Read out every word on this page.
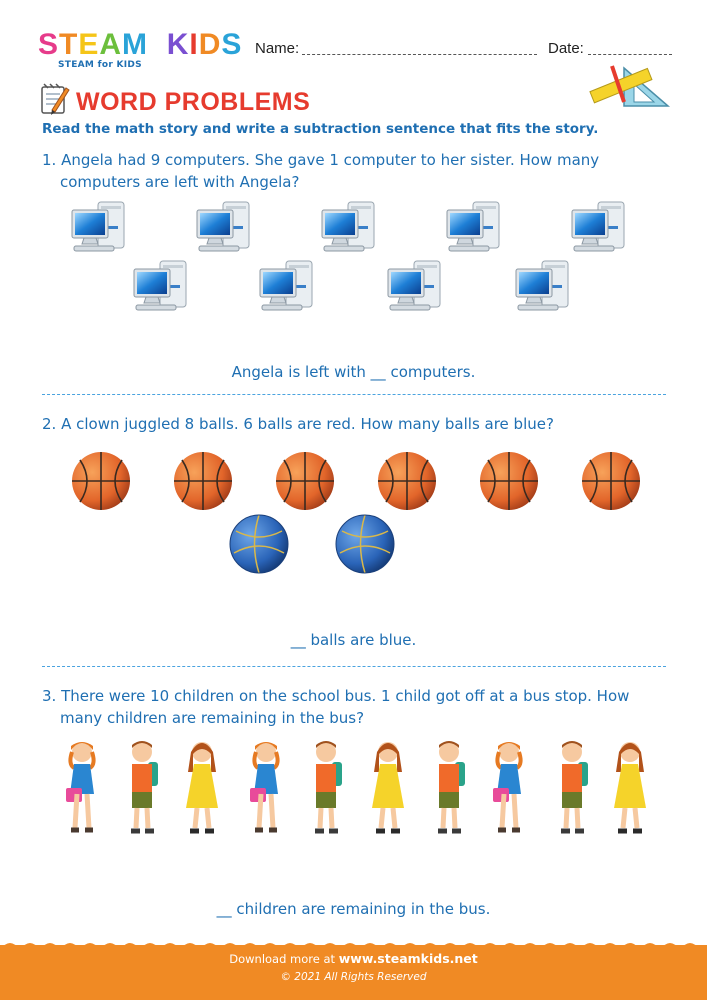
STEAM  KIDS
STEAM for KIDS
Name:	Date:
WORD PROBLEMS
Read the math story and write a subtraction sentence that fits the story.
1. Angela had 9 computers. She gave 1 computer to her sister. How many
computers are left with Angela?
Angela is left with __ computers.
2. A clown juggled 8 balls. 6 balls are red. How many balls are blue?
__ balls are blue.
3. There were 10 children on the school bus. 1 child got off at a bus stop. How
many children are remaining in the bus?
__ children are remaining in the bus.
Download more at www.steamkids.net
© 2021 All Rights Reserved
